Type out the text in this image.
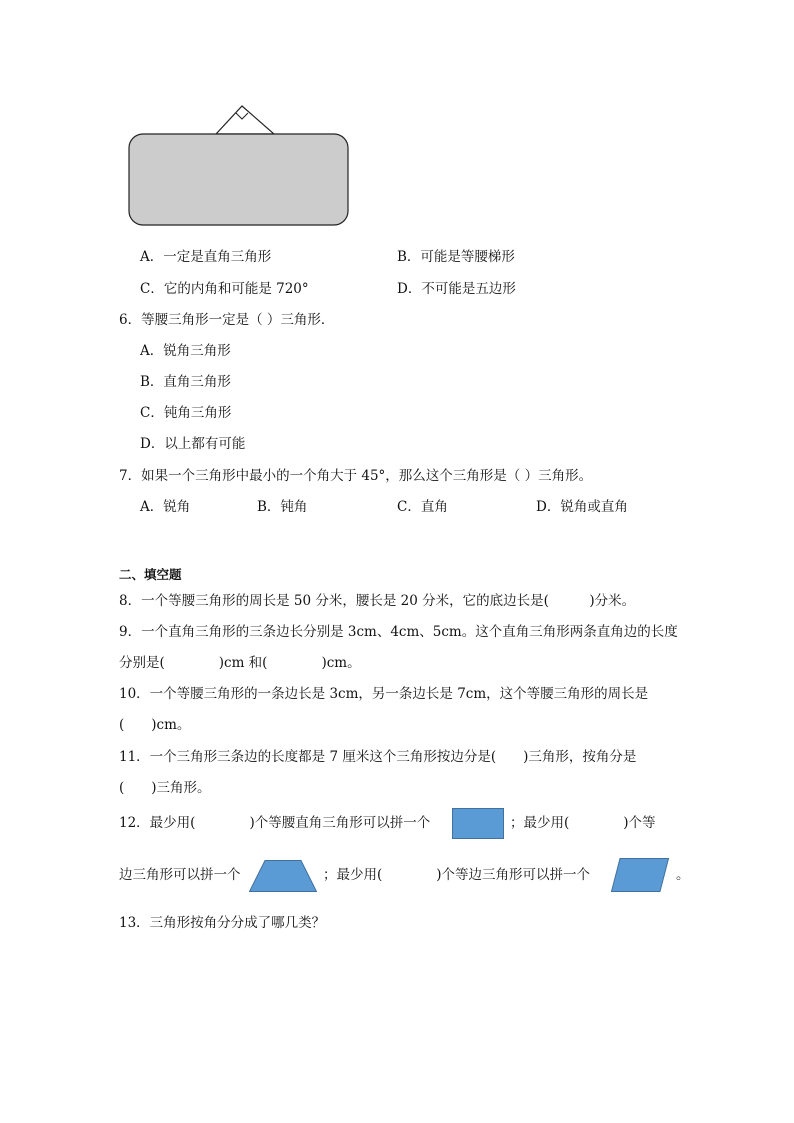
A．一定是直角三角形	B．可能是等腰梯形
C．它的内角和可能是 720°	D．不可能是五边形
6．等腰三角形一定是（ ）三角形．
A．锐角三角形
B．直角三角形
C．钝角三角形
D．以上都有可能
7．如果一个三角形中最小的一个角大于 45°，那么这个三角形是（ ）三角形。
A．锐角	B．钝角	C．直角	D．锐角或直角
二、填空题
8．一个等腰三角形的周长是 50 分米，腰长是 20 分米，它的底边长是(　　　)分米。
9．一个直角三角形的三条边长分别是 3cm、4cm、5cm。这个直角三角形两条直角边的长度
分别是(　　　　)cm 和(　　　　)cm。
10．一个等腰三角形的一条边长是 3cm，另一条边长是 7cm，这个等腰三角形的周长是
(　　)cm。
11．一个三角形三条边的长度都是 7 厘米这个三角形按边分是(　　)三角形，按角分是
(　　)三角形。
12．最少用(　　　　)个等腰直角三角形可以拼一个	；最少用(　　　　)个等
边三角形可以拼一个	；最少用(　　　　)个等边三角形可以拼一个	。
13．三角形按角分分成了哪几类？
